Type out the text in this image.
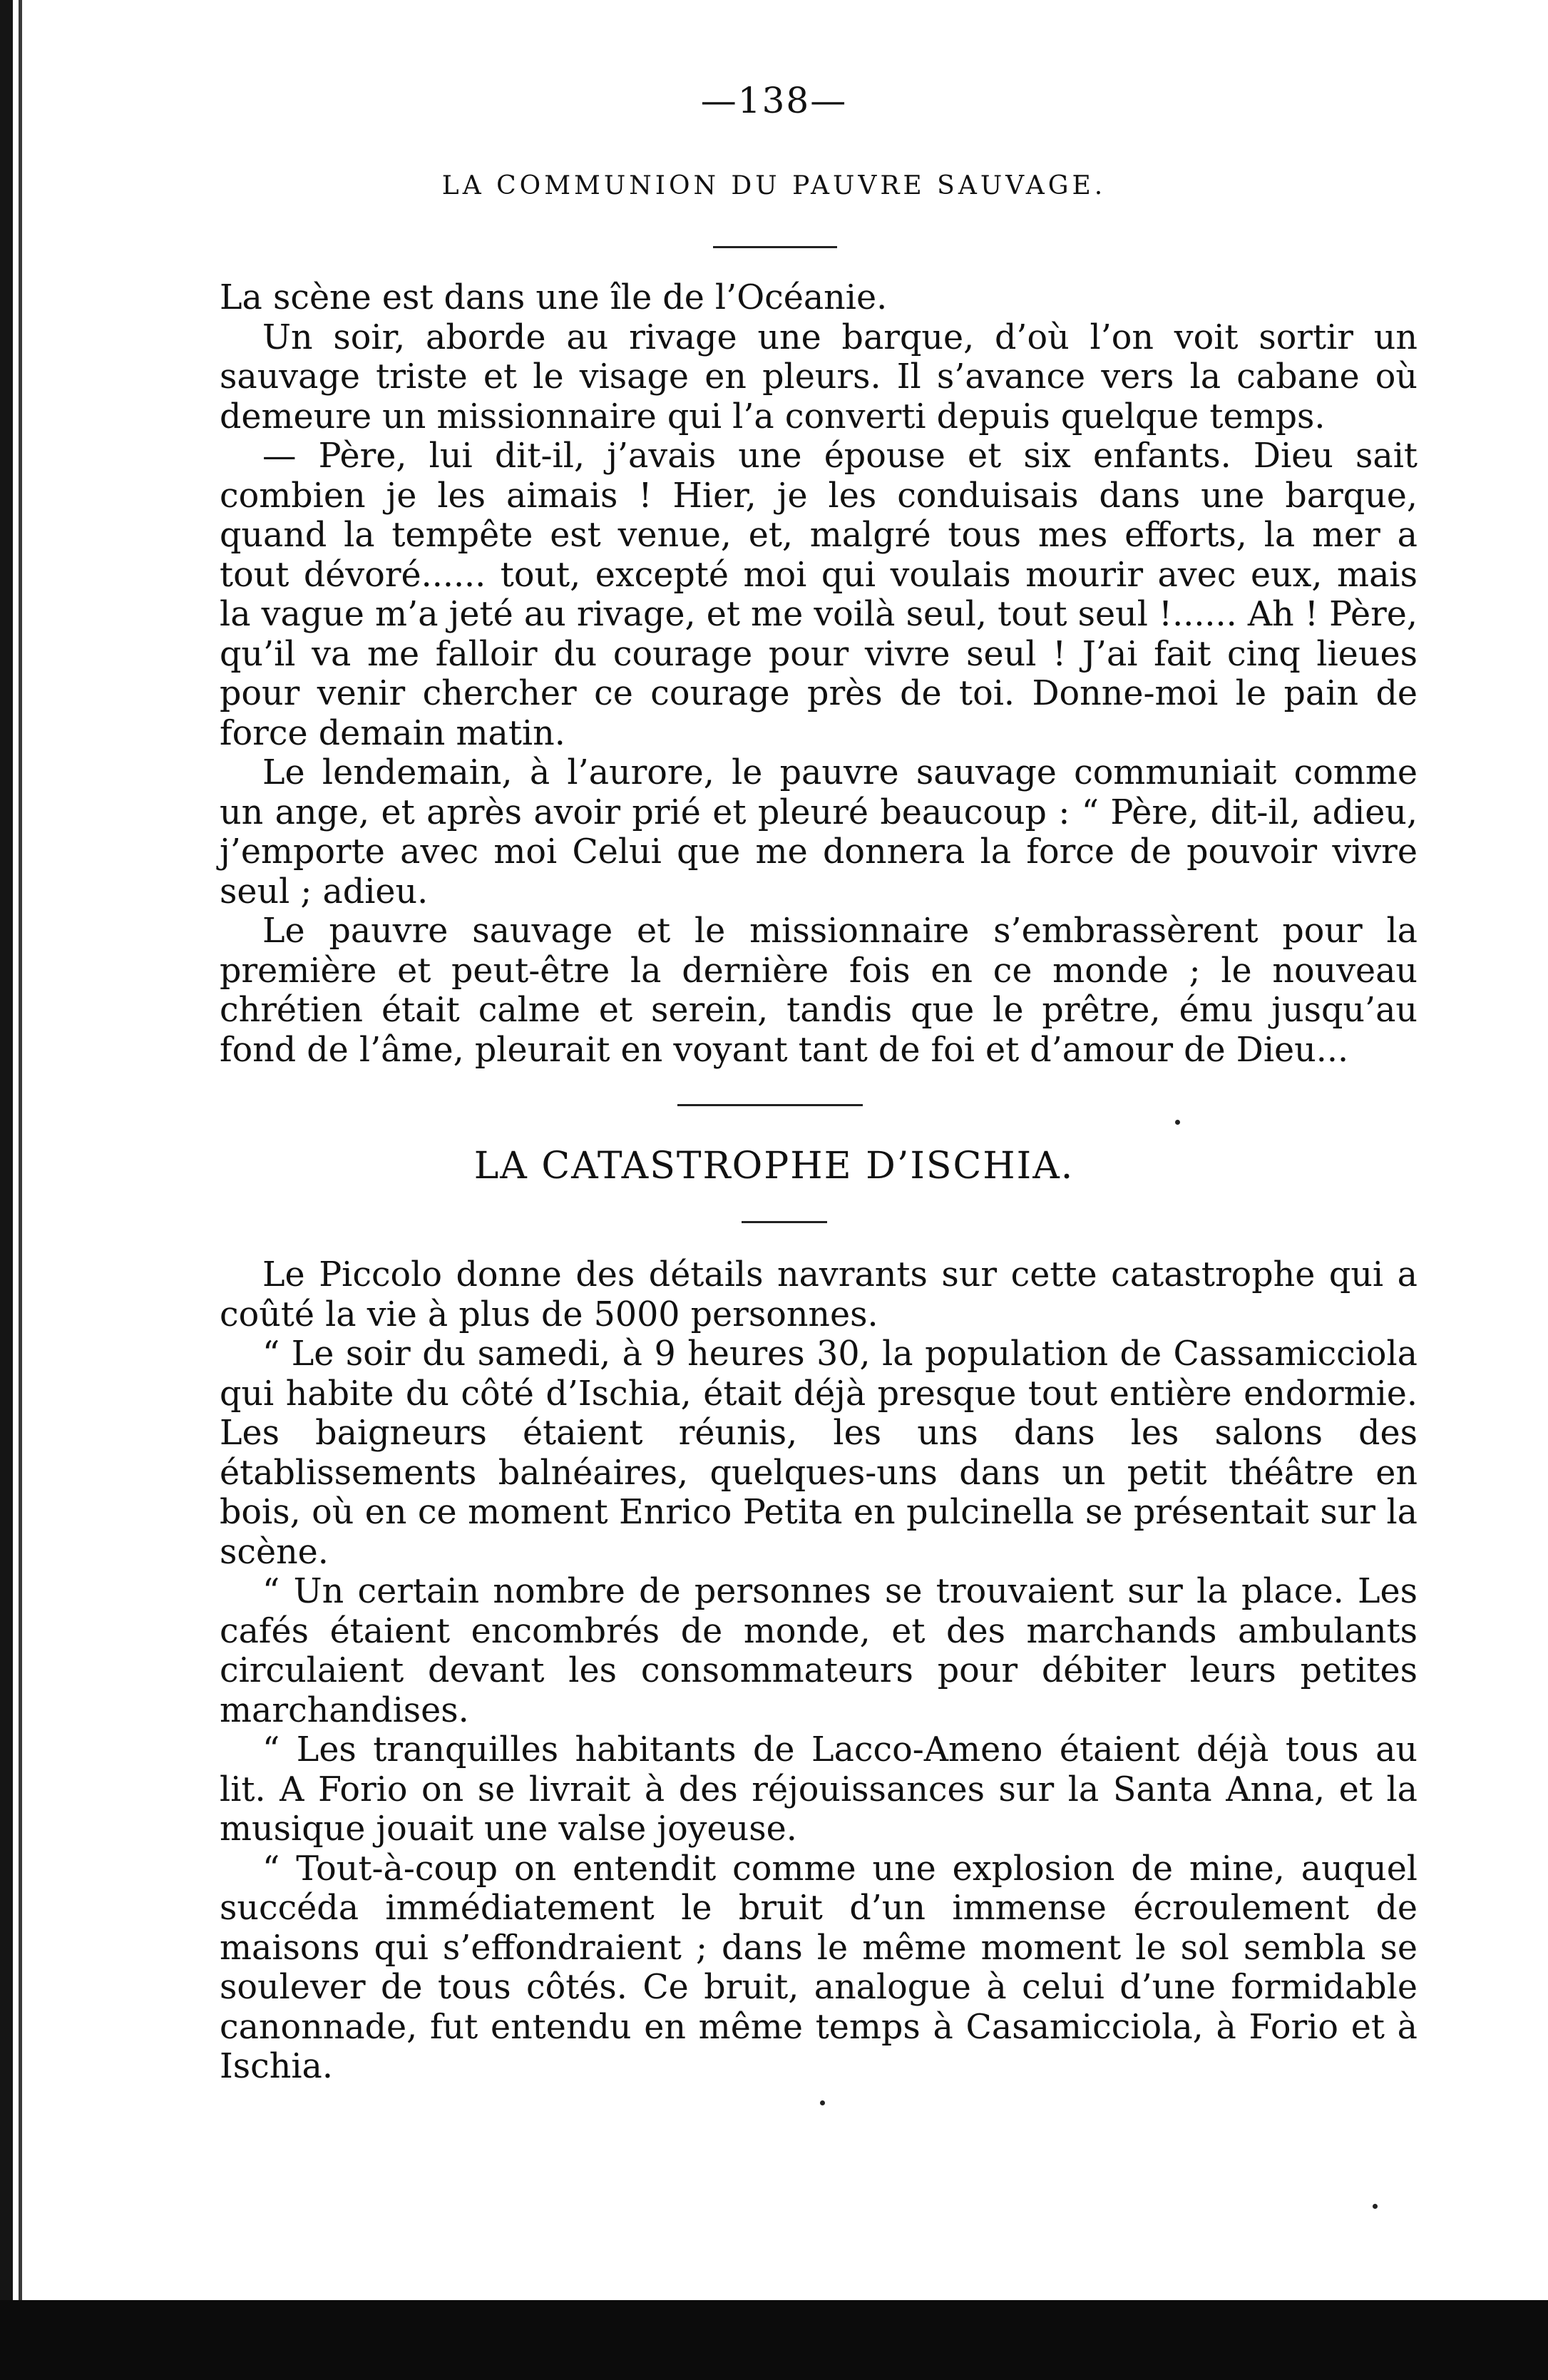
—138—
LA COMMUNION DU PAUVRE SAUVAGE.

La scène est dans une île de l’Océanie.

Un soir, aborde au rivage une barque, d’où l’on voit sortir un sauvage triste et le visage en pleurs. Il s’avance vers la cabane où demeure un missionnaire qui l’a converti depuis quelque temps.

— Père, lui dit-il, j’avais une épouse et six enfants. Dieu sait combien je les aimais ! Hier, je les conduisais dans une barque, quand la tempête est venue, et, malgré tous mes efforts, la mer a tout dévoré...... tout, excepté moi qui voulais mourir avec eux, mais la vague m’a jeté au rivage, et me voilà seul, tout seul !...... Ah ! Père, qu’il va me falloir du courage pour vivre seul ! J’ai fait cinq lieues pour venir chercher ce courage près de toi. Donne-moi le pain de force demain matin.

Le lendemain, à l’aurore, le pauvre sauvage communiait comme un ange, et après avoir prié et pleuré beaucoup : “ Père, dit-il, adieu, j’emporte avec moi Celui que me donnera la force de pouvoir vivre seul ; adieu.

Le pauvre sauvage et le missionnaire s’embrassèrent pour la première et peut-être la dernière fois en ce monde ; le nouveau chrétien était calme et serein, tandis que le prêtre, ému jusqu’au fond de l’âme, pleurait en voyant tant de foi et d’amour de Dieu...

LA CATASTROPHE D’ISCHIA.

Le Piccolo donne des détails navrants sur cette catastrophe qui a coûté la vie à plus de 5000 personnes.

“ Le soir du samedi, à 9 heures 30, la population de Cassamicciola qui habite du côté d’Ischia, était déjà presque tout entière endormie. Les baigneurs étaient réunis, les uns dans les salons des établissements balnéaires, quelques-uns dans un petit théâtre en bois, où en ce moment Enrico Petita en pulcinella se présentait sur la scène.

“ Un certain nombre de personnes se trouvaient sur la place. Les cafés étaient encombrés de monde, et des marchands ambulants circulaient devant les consommateurs pour débiter leurs petites marchandises.

“ Les tranquilles habitants de Lacco-Ameno étaient déjà tous au lit. A Forio on se livrait à des réjouissances sur la Santa Anna, et la musique jouait une valse joyeuse.

“ Tout-à-coup on entendit comme une explosion de mine, auquel succéda immédiatement le bruit d’un immense écroulement de maisons qui s’effondraient ; dans le même moment le sol sembla se soulever de tous côtés. Ce bruit, analogue à celui d’une formidable canonnade, fut entendu en même temps à Casamicciola, à Forio et à Ischia.
